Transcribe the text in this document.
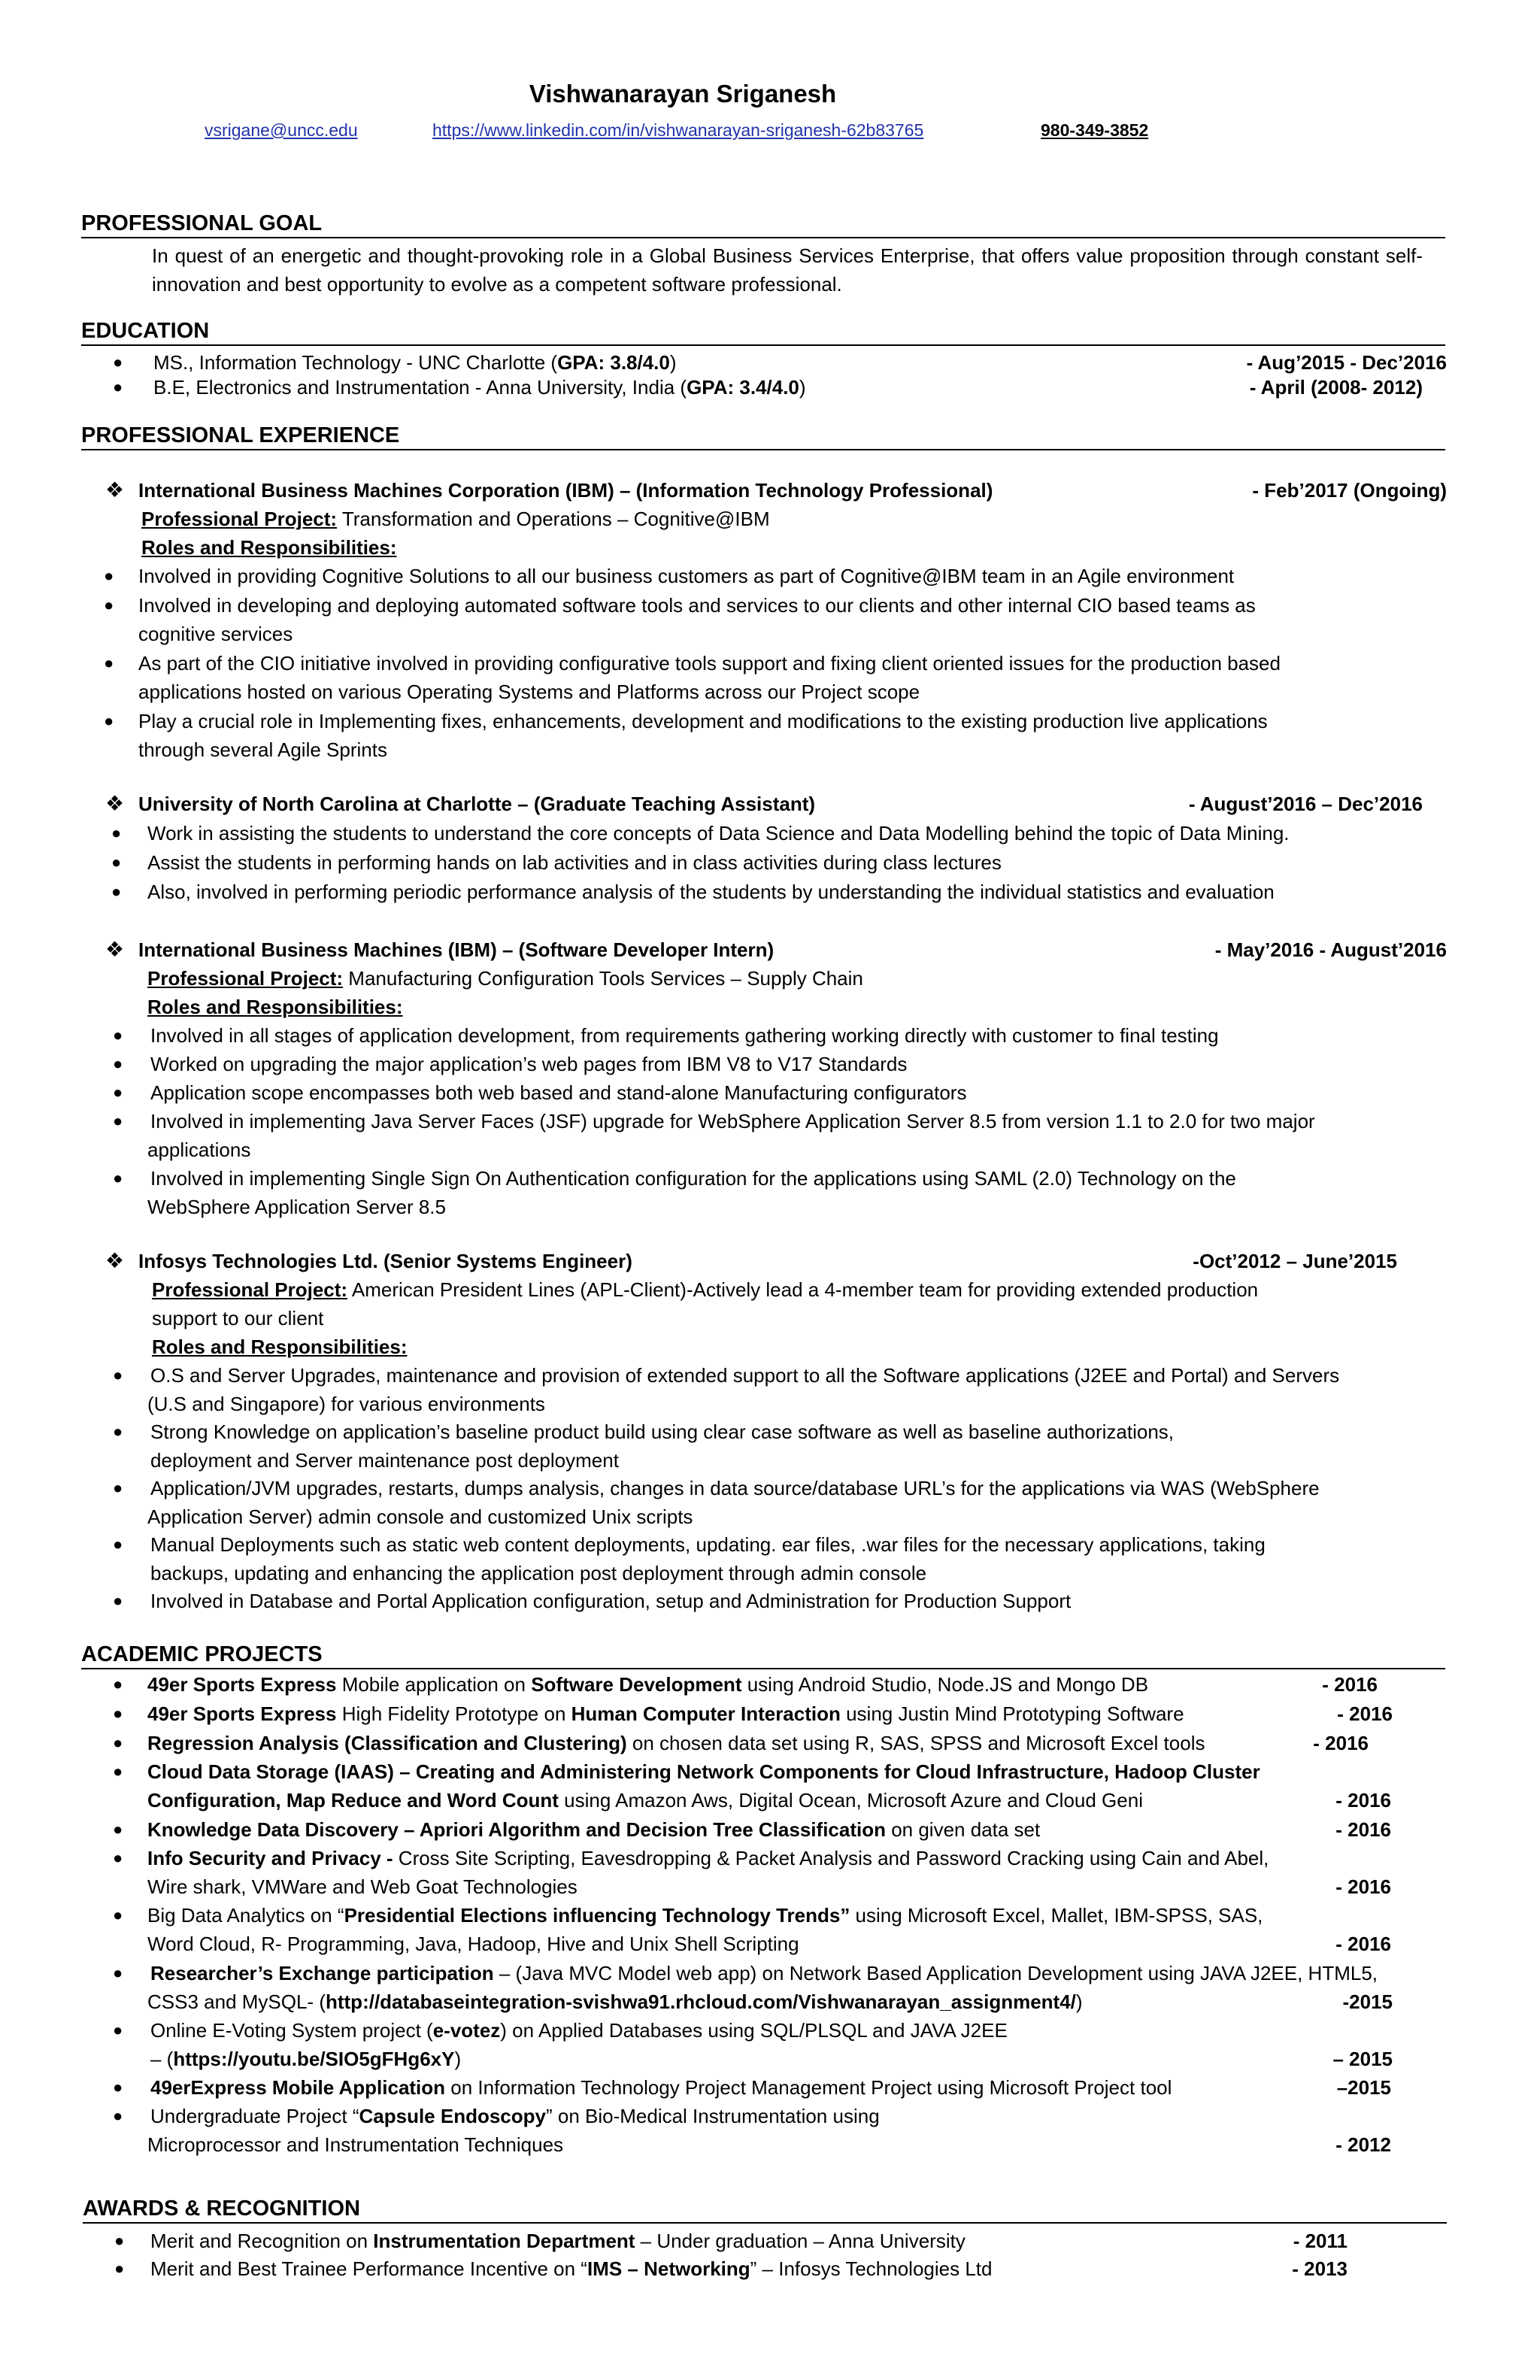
Vishwanarayan Sriganesh
vsrigane@uncc.edu	https://www.linkedin.com/in/vishwanarayan-sriganesh-62b83765	980-349-3852
PROFESSIONAL GOAL
In quest of an energetic and thought-provoking role in a Global Business Services Enterprise, that offers value proposition through constant self- innovation and best opportunity to evolve as a competent software professional.
EDUCATION
● MS., Information Technology - UNC Charlotte (GPA: 3.8/4.0)	- Aug’2015 - Dec’2016
● B.E, Electronics and Instrumentation - Anna University, India (GPA: 3.4/4.0)	- April (2008- 2012)
PROFESSIONAL EXPERIENCE
❖ International Business Machines Corporation (IBM) – (Information Technology Professional)	- Feb’2017 (Ongoing)
Professional Project: Transformation and Operations – Cognitive@IBM
Roles and Responsibilities:
● Involved in providing Cognitive Solutions to all our business customers as part of Cognitive@IBM team in an Agile environment
● Involved in developing and deploying automated software tools and services to our clients and other internal CIO based teams as
cognitive services
● As part of the CIO initiative involved in providing configurative tools support and fixing client oriented issues for the production based
applications hosted on various Operating Systems and Platforms across our Project scope
● Play a crucial role in Implementing fixes, enhancements, development and modifications to the existing production live applications
through several Agile Sprints
❖ University of North Carolina at Charlotte – (Graduate Teaching Assistant)	- August’2016 – Dec’2016
● Work in assisting the students to understand the core concepts of Data Science and Data Modelling behind the topic of Data Mining.
● Assist the students in performing hands on lab activities and in class activities during class lectures
● Also, involved in performing periodic performance analysis of the students by understanding the individual statistics and evaluation
❖ International Business Machines (IBM) – (Software Developer Intern)	- May’2016 - August’2016
Professional Project: Manufacturing Configuration Tools Services – Supply Chain
Roles and Responsibilities:
● Involved in all stages of application development, from requirements gathering working directly with customer to final testing
● Worked on upgrading the major application’s web pages from IBM V8 to V17 Standards
● Application scope encompasses both web based and stand-alone Manufacturing configurators
● Involved in implementing Java Server Faces (JSF) upgrade for WebSphere Application Server 8.5 from version 1.1 to 2.0 for two major
applications
● Involved in implementing Single Sign On Authentication configuration for the applications using SAML (2.0) Technology on the
WebSphere Application Server 8.5
❖ Infosys Technologies Ltd. (Senior Systems Engineer)	-Oct’2012 – June’2015
Professional Project: American President Lines (APL-Client)-Actively lead a 4-member team for providing extended production
support to our client
Roles and Responsibilities:
● O.S and Server Upgrades, maintenance and provision of extended support to all the Software applications (J2EE and Portal) and Servers
(U.S and Singapore) for various environments
● Strong Knowledge on application’s baseline product build using clear case software as well as baseline authorizations,
deployment and Server maintenance post deployment
● Application/JVM upgrades, restarts, dumps analysis, changes in data source/database URL’s for the applications via WAS (WebSphere
Application Server) admin console and customized Unix scripts
● Manual Deployments such as static web content deployments, updating. ear files, .war files for the necessary applications, taking
backups, updating and enhancing the application post deployment through admin console
● Involved in Database and Portal Application configuration, setup and Administration for Production Support
ACADEMIC PROJECTS
● 49er Sports Express Mobile application on Software Development using Android Studio, Node.JS and Mongo DB	- 2016
● 49er Sports Express High Fidelity Prototype on Human Computer Interaction using Justin Mind Prototyping Software	- 2016
● Regression Analysis (Classification and Clustering) on chosen data set using R, SAS, SPSS and Microsoft Excel tools	- 2016
● Cloud Data Storage (IAAS) – Creating and Administering Network Components for Cloud Infrastructure, Hadoop Cluster
Configuration, Map Reduce and Word Count using Amazon Aws, Digital Ocean, Microsoft Azure and Cloud Geni	- 2016
● Knowledge Data Discovery – Apriori Algorithm and Decision Tree Classification on given data set	- 2016
● Info Security and Privacy - Cross Site Scripting, Eavesdropping & Packet Analysis and Password Cracking using Cain and Abel,
Wire shark, VMWare and Web Goat Technologies	- 2016
● Big Data Analytics on “Presidential Elections influencing Technology Trends” using Microsoft Excel, Mallet, IBM-SPSS, SAS,
Word Cloud, R- Programming, Java, Hadoop, Hive and Unix Shell Scripting	- 2016
● Researcher’s Exchange participation – (Java MVC Model web app) on Network Based Application Development using JAVA J2EE, HTML5,
CSS3 and MySQL- (http://databaseintegration-svishwa91.rhcloud.com/Vishwanarayan_assignment4/)	-2015
● Online E-Voting System project (e-votez) on Applied Databases using SQL/PLSQL and JAVA J2EE
– (https://youtu.be/SIO5gFHg6xY)	– 2015
● 49erExpress Mobile Application on Information Technology Project Management Project using Microsoft Project tool	–2015
● Undergraduate Project “Capsule Endoscopy” on Bio-Medical Instrumentation using
Microprocessor and Instrumentation Techniques	- 2012
AWARDS & RECOGNITION
● Merit and Recognition on Instrumentation Department – Under graduation – Anna University	- 2011
● Merit and Best Trainee Performance Incentive on “IMS – Networking” – Infosys Technologies Ltd	- 2013
